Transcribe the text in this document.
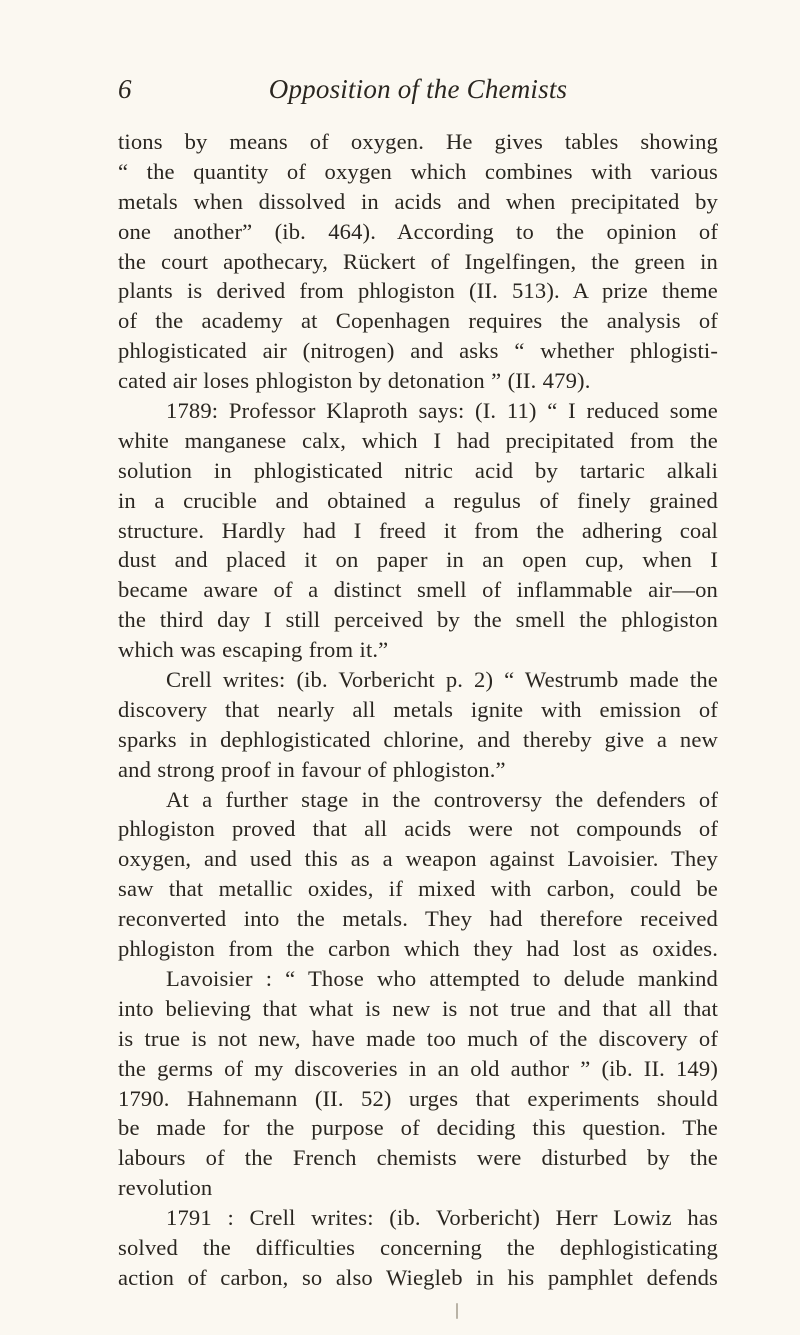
6	Opposition of the Chemists
tions by means of oxygen. He gives tables showing
“ the quantity of oxygen which combines with various
metals when dissolved in acids and when precipitated by
one another” (ib. 464). According to the opinion of
the court apothecary, Rückert of Ingelfingen, the green in
plants is derived from phlogiston (II. 513). A prize theme
of the academy at Copenhagen requires the analysis of
phlogisticated air (nitrogen) and asks “ whether phlogisti-
cated air loses phlogiston by detonation ” (II. 479).
1789: Professor Klaproth says: (I. 11) “ I reduced some
white manganese calx, which I had precipitated from the
solution in phlogisticated nitric acid by tartaric alkali
in a crucible and obtained a regulus of finely grained
structure. Hardly had I freed it from the adhering coal
dust and placed it on paper in an open cup, when I
became aware of a distinct smell of inflammable air—on
the third day I still perceived by the smell the phlogiston
which was escaping from it.”
Crell writes: (ib. Vorbericht p. 2) “ Westrumb made the
discovery that nearly all metals ignite with emission of
sparks in dephlogisticated chlorine, and thereby give a new
and strong proof in favour of phlogiston.”
At a further stage in the controversy the defenders of
phlogiston proved that all acids were not compounds of
oxygen, and used this as a weapon against Lavoisier. They
saw that metallic oxides, if mixed with carbon, could be
reconverted into the metals. They had therefore received
phlogiston from the carbon which they had lost as oxides.
Lavoisier : “ Those who attempted to delude mankind
into believing that what is new is not true and that all that
is true is not new, have made too much of the discovery of
the germs of my discoveries in an old author ” (ib. II. 149)
1790. Hahnemann (II. 52) urges that experiments should
be made for the purpose of deciding this question. The
labours of the French chemists were disturbed by the
revolution
1791 : Crell writes: (ib. Vorbericht) Herr Lowiz has
solved the difficulties concerning the dephlogisticating
action of carbon, so also Wiegleb in his pamphlet defends
